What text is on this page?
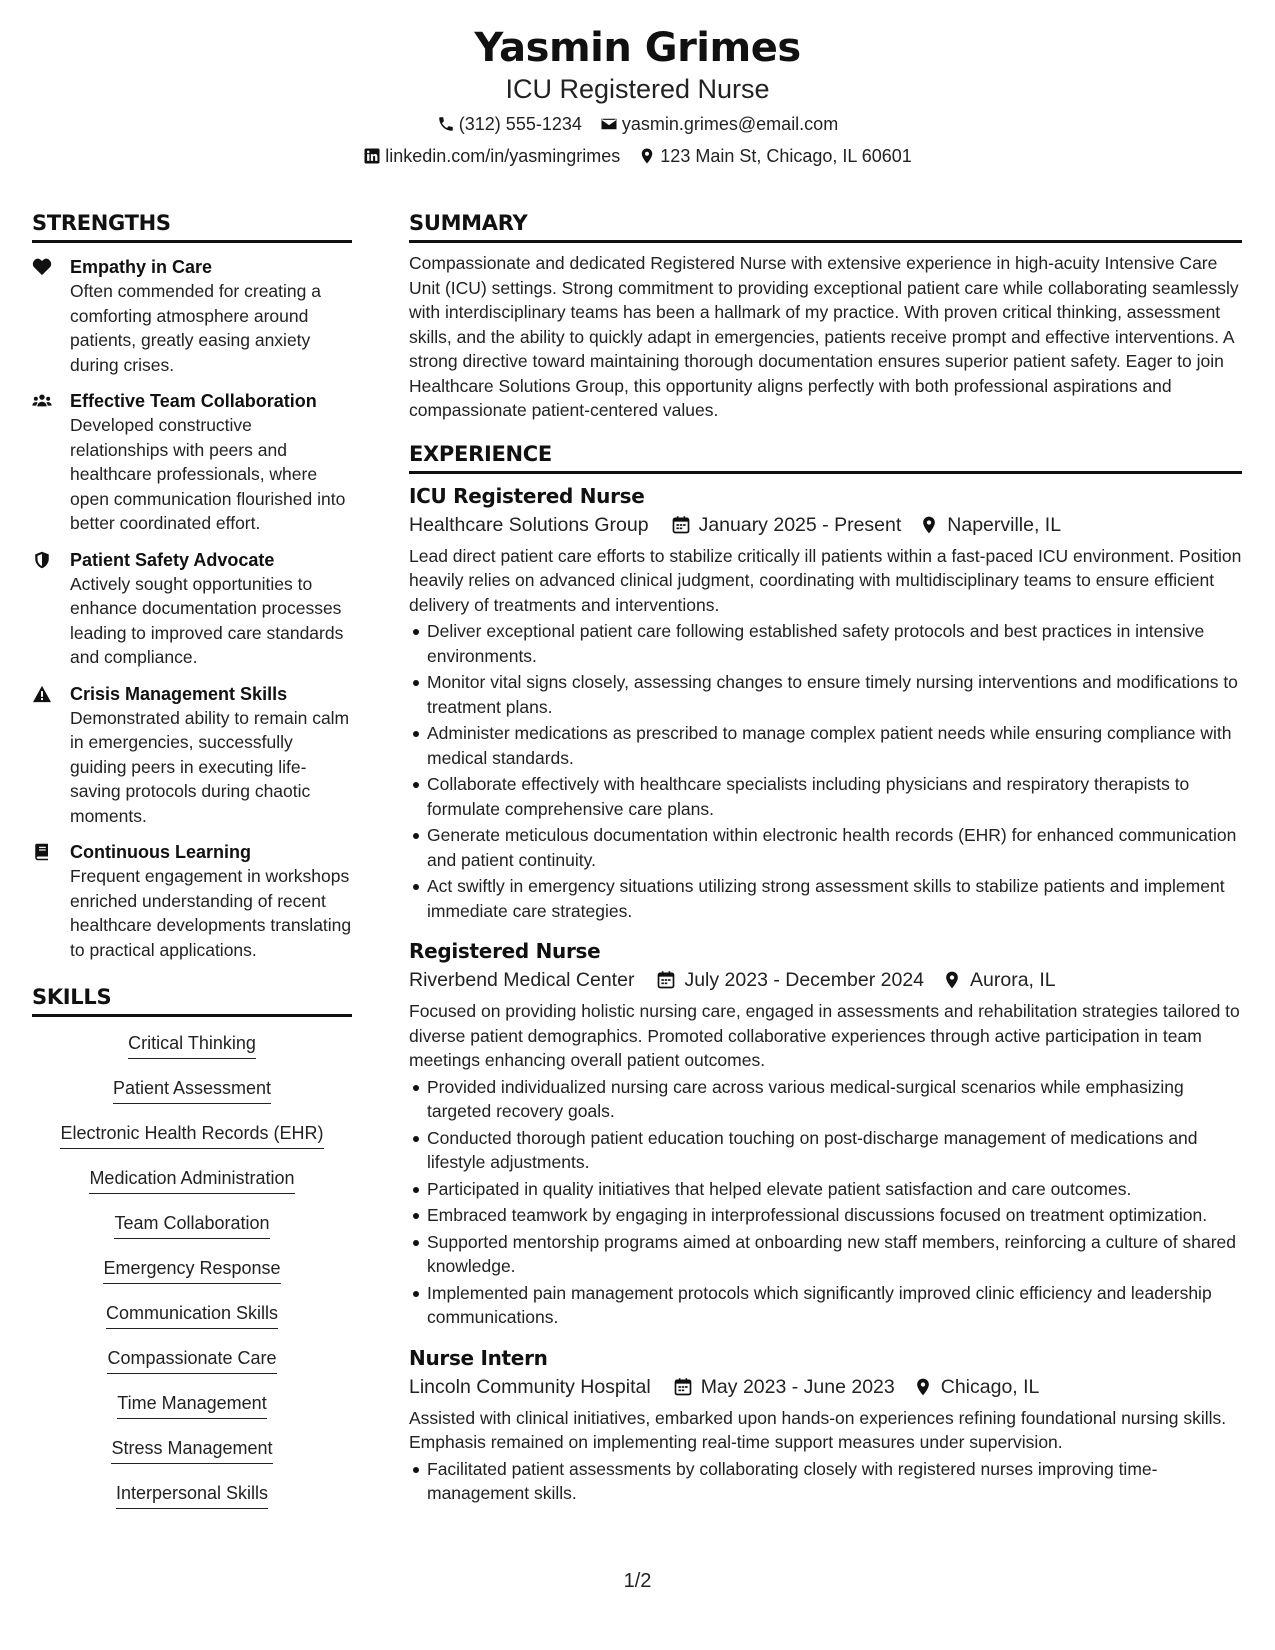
Yasmin Grimes
ICU Registered Nurse
(312) 555-1234 yasmin.grimes@email.com
linkedin.com/in/yasmingrimes 123 Main St, Chicago, IL 60601
STRENGTHS
Empathy in Care
Often commended for creating a comforting atmosphere around patients, greatly easing anxiety during crises.
Effective Team Collaboration
Developed constructive relationships with peers and healthcare professionals, where open communication flourished into better coordinated effort.
Patient Safety Advocate
Actively sought opportunities to enhance documentation processes leading to improved care standards and compliance.
Crisis Management Skills
Demonstrated ability to remain calm in emergencies, successfully guiding peers in executing life-saving protocols during chaotic moments.
Continuous Learning
Frequent engagement in workshops enriched understanding of recent healthcare developments translating to practical applications.
SKILLS
Critical Thinking
Patient Assessment
Electronic Health Records (EHR)
Medication Administration
Team Collaboration
Emergency Response
Communication Skills
Compassionate Care
Time Management
Stress Management
Interpersonal Skills
SUMMARY
Compassionate and dedicated Registered Nurse with extensive experience in high-acuity Intensive Care Unit (ICU) settings. Strong commitment to providing exceptional patient care while collaborating seamlessly with interdisciplinary teams has been a hallmark of my practice. With proven critical thinking, assessment skills, and the ability to quickly adapt in emergencies, patients receive prompt and effective interventions. A strong directive toward maintaining thorough documentation ensures superior patient safety. Eager to join Healthcare Solutions Group, this opportunity aligns perfectly with both professional aspirations and compassionate patient-centered values.
EXPERIENCE
ICU Registered Nurse
Healthcare Solutions Group	January 2025 - Present Naperville, IL
Lead direct patient care efforts to stabilize critically ill patients within a fast-paced ICU environment. Position heavily relies on advanced clinical judgment, coordinating with multidisciplinary teams to ensure efficient delivery of treatments and interventions.
Deliver exceptional patient care following established safety protocols and best practices in intensive environments.
Monitor vital signs closely, assessing changes to ensure timely nursing interventions and modifications to treatment plans.
Administer medications as prescribed to manage complex patient needs while ensuring compliance with medical standards.
Collaborate effectively with healthcare specialists including physicians and respiratory therapists to formulate comprehensive care plans.
Generate meticulous documentation within electronic health records (EHR) for enhanced communication and patient continuity.
Act swiftly in emergency situations utilizing strong assessment skills to stabilize patients and implement immediate care strategies.
Registered Nurse
Riverbend Medical Center	July 2023 - December 2024 Aurora, IL
Focused on providing holistic nursing care, engaged in assessments and rehabilitation strategies tailored to diverse patient demographics. Promoted collaborative experiences through active participation in team meetings enhancing overall patient outcomes.
Provided individualized nursing care across various medical-surgical scenarios while emphasizing targeted recovery goals.
Conducted thorough patient education touching on post-discharge management of medications and lifestyle adjustments.
Participated in quality initiatives that helped elevate patient satisfaction and care outcomes.
Embraced teamwork by engaging in interprofessional discussions focused on treatment optimization.
Supported mentorship programs aimed at onboarding new staff members, reinforcing a culture of shared knowledge.
Implemented pain management protocols which significantly improved clinic efficiency and leadership communications.
Nurse Intern
Lincoln Community Hospital	May 2023 - June 2023 Chicago, IL
Assisted with clinical initiatives, embarked upon hands-on experiences refining foundational nursing skills. Emphasis remained on implementing real-time support measures under supervision.
Facilitated patient assessments by collaborating closely with registered nurses improving time-management skills.
1/2
